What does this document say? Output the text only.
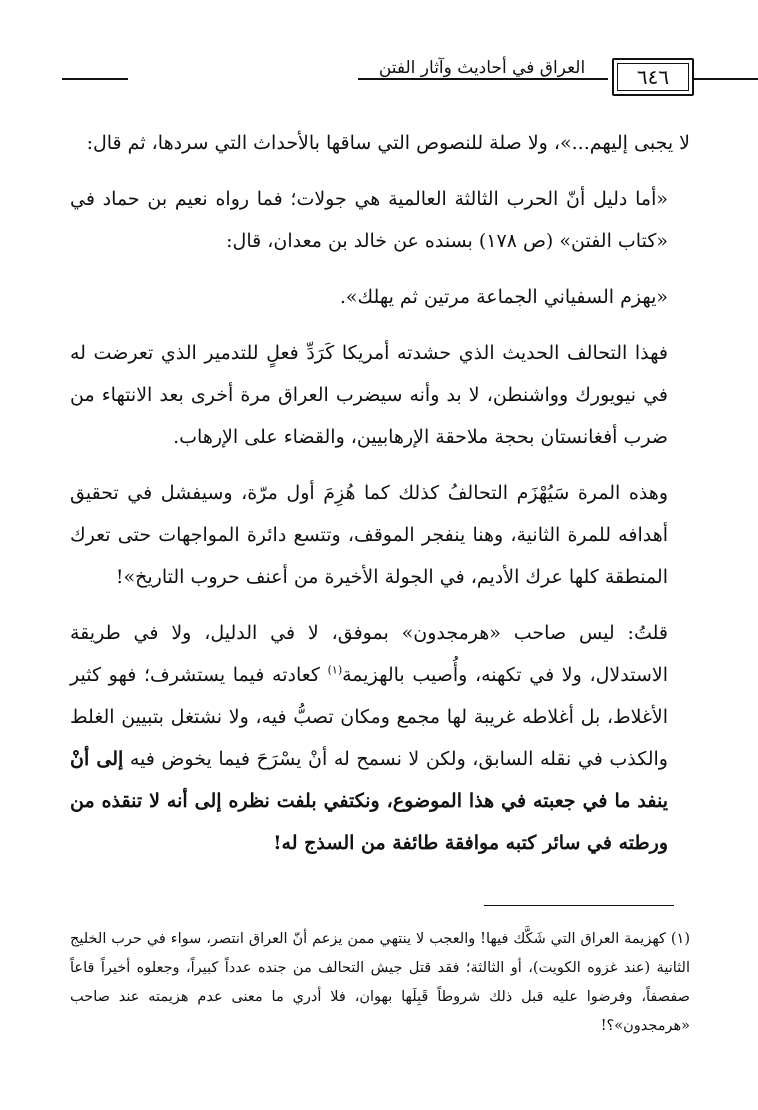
العراق في أحاديث وآثار الفتن	٦٤٦

لا يجبى إليهم...»، ولا صلة للنصوص التي ساقها بالأحداث التي سردها، ثم قال:

«أما دليل أنّ الحرب الثالثة العالمية هي جولات؛ فما رواه نعيم بن حماد في «كتاب الفتن» (ص ١٧٨) بسنده عن خالد بن معدان، قال:

«يهزم السفياني الجماعة مرتين ثم يهلك».

فهذا التحالف الحديث الذي حشدته أمريكا كَرَدِّ فعلٍ للتدمير الذي تعرضت له في نيويورك وواشنطن، لا بد وأنه سيضرب العراق مرة أخرى بعد الانتهاء من ضرب أفغانستان بحجة ملاحقة الإرهابيين، والقضاء على الإرهاب.

وهذه المرة سَيُهْزَم التحالفُ كذلك كما هُزِمَ أول مرّة، وسيفشل في تحقيق أهدافه للمرة الثانية، وهنا ينفجر الموقف، وتتسع دائرة المواجهات حتى تعرك المنطقة كلها عرك الأديم، في الجولة الأخيرة من أعنف حروب التاريخ»!

قلتُ: ليس صاحب «هرمجدون» بموفق، لا في الدليل، ولا في طريقة الاستدلال، ولا في تكهنه، وأُصيب بالهزيمة$^{(١)}$ كعادته فيما يستشرف؛ فهو كثير الأغلاط، بل أغلاطه غريبة لها مجمع ومكان تصبُّ فيه، ولا نشتغل بتبيين الغلط والكذب في نقله السابق، ولكن لا نسمح له أنْ يسْرَحَ فيما يخوض فيه إلى أنْ ينفد ما في جعبته في هذا الموضوع، ونكتفي بلفت نظره إلى أنه لا تنقذه من ورطته في سائر كتبه موافقة طائفة من السذج له!

(١) كهزيمة العراق التي شَكَّك فيها! والعجب لا ينتهي ممن يزعم أنّ العراق انتصر، سواء في حرب الخليج الثانية (عند غزوه الكويت)، أو الثالثة؛ فقد قتل جيش التحالف من جنده عدداً كبيراً، وجعلوه أخيراً قاعاً صفصفاً، وفرضوا عليه قبل ذلك شروطاً قَبِلَها بهوان، فلا أدري ما معنى عدم هزيمته عند صاحب «هرمجدون»؟!
